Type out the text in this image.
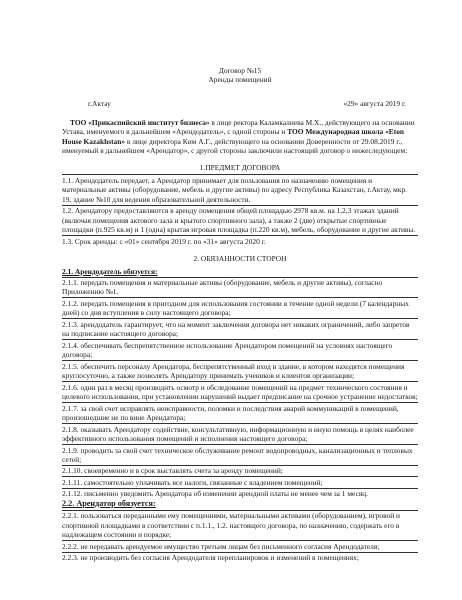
Договор №15
Аренды помещений
г.Актау	«29» августа 2019 г.

ТОО «Прикаспийский институт бизнеса» в лице ректора Каламкалиева М.Х., действующего на основании Устава, именуемого в дальнейшем «Арендодатель», с одной стороны и ТОО Международная школа «Eton House Kazakhstan» в лице директора Ким А.Г., действующего на основании Доверенности от 29.08.2019 г., именуемый в дальнейшем «Арендатор», с другой стороны заключили настоящий договор о нижеследующем:

1.ПРЕДМЕТ ДОГОВОРА

1.1. Арендодатель передает, а Арендатор принимает для пользования по назначению помещения и материальные активы (оборудование, мебель и другие активы) по адресу Республика Казахстан, г.Актау, мкр. 19, здание №10 для ведения образовательной деятельности.

1.2. Арендатору предоставляются в аренду помещения общей площадью 2978 кв.м. на 1,2,3 этажах зданий (включая помещения актового зала и крытого спортивного зала), а также 2 (две) открытые спортивные площадки (п.925 кв.м) и 1 (одна) крытая игровая площадка (п.220 кв.м), мебель, оборудование и другие активы.

1.3. Срок аренды: с «01» сентября 2019 г. по «31» августа 2020 г.

2. ОБЯЗАННОСТИ СТОРОН

2.1. Арендодатель обязуется:

2.1.1. передать помещения и материальные активы (оборудование, мебель и другие активы), согласно Приложению №1.

2.1.2. передать помещения в пригодном для использования состоянии в течение одной недели (7 календарных дней) со дня вступления в силу настоящего договора;

2.1.3. арендодатель гарантирует, что на момент заключения договора нет никаких ограничений, либо запретов на подписание настоящего договора;

2.1.4. обеспечивать беспрепятственное использование Арендатором помещений на условиях настоящего договора;

2.1.5. обеспечить персоналу Арендатора, беспрепятственный вход в здание, в котором находятся помещения круглосуточно, а также позволять Арендатору принимать учеников и клиентов организации;

2.1.6. один раз в месяц производить осмотр и обследование помещений на предмет технического состояния и целевого использования, при установлении нарушений выдает предписание на срочное устранение недостатков;

2.1.7. за свой счет исправлять неисправности, поломки и последствия аварий коммуникаций в помещений, произошедшие не по вине Арендатора;

2.1.8. оказывать Арендатору содействие, консультативную, информационную и иную помощь в целях наиболее эффективного использования помещений и исполнения настоящего договора;

2.1.9. проводить за свой счет техническое обслуживание ремонт водопроводных, канализационных и тепловых сетей;

2.1.10. своевременно и в срок выставлять счета за аренду помещений;

2.1.11. самостоятельно уплачивать все налоги, связанные с владением помещений;

2.1.12. письменно уведомить Арендатора об изменении арендной платы не менее чем за 1 месяц.

2.2. Арендатор обязуется:

2.2.1. пользоваться переданными ему помещениями, материальными активами (оборудованием), игровой и спортивной площадками в соответствии с п.1.1., 1.2. настоящего договора, по назначению, содержать его в надлежащем состоянии и порядке;

2.2.2. не передавать арендуемое имущество третьим лицам без письменного согласия Арендодателя;

2.2.3. не производить без согласия Арендодателя перепланировок и изменений в помещениях;
